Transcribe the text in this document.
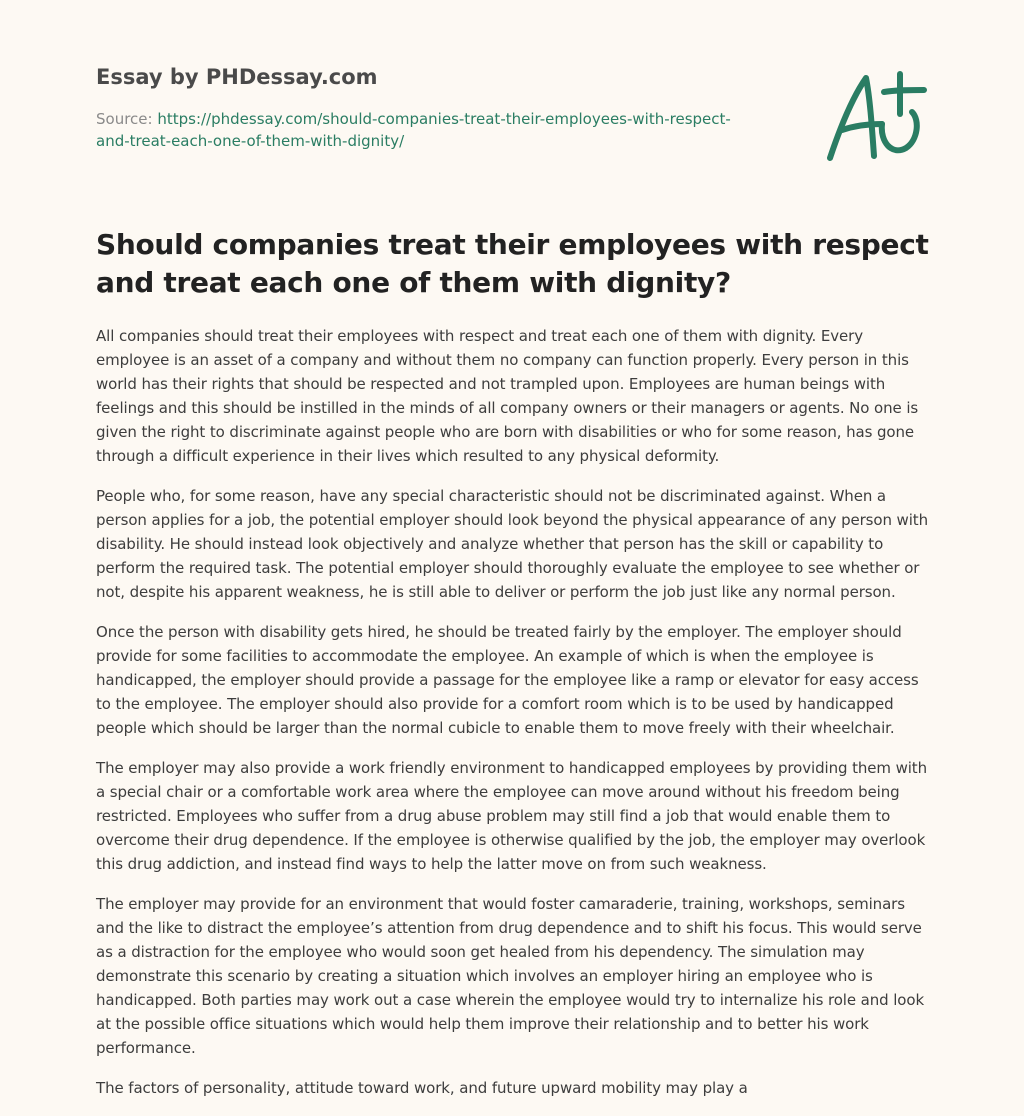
Essay by PHDessay.com
Source: https://phdessay.com/should-companies-treat-their-employees-with-respect-
and-treat-each-one-of-them-with-dignity/
Should companies treat their employees with respect and treat each one of them with dignity?

All companies should treat their employees with respect and treat each one of them with dignity. Every employee is an asset of a company and without them no company can function properly. Every person in this world has their rights that should be respected and not trampled upon. Employees are human beings with feelings and this should be instilled in the minds of all company owners or their managers or agents. No one is given the right to discriminate against people who are born with disabilities or who for some reason, has gone through a difficult experience in their lives which resulted to any physical deformity.

People who, for some reason, have any special characteristic should not be discriminated against. When a person applies for a job, the potential employer should look beyond the physical appearance of any person with disability. He should instead look objectively and analyze whether that person has the skill or capability to perform the required task. The potential employer should thoroughly evaluate the employee to see whether or not, despite his apparent weakness, he is still able to deliver or perform the job just like any normal person.

Once the person with disability gets hired, he should be treated fairly by the employer. The employer should provide for some facilities to accommodate the employee. An example of which is when the employee is handicapped, the employer should provide a passage for the employee like a ramp or elevator for easy access to the employee. The employer should also provide for a comfort room which is to be used by handicapped people which should be larger than the normal cubicle to enable them to move freely with their wheelchair.

The employer may also provide a work friendly environment to handicapped employees by providing them with a special chair or a comfortable work area where the employee can move around without his freedom being restricted. Employees who suffer from a drug abuse problem may still find a job that would enable them to overcome their drug dependence. If the employee is otherwise qualified by the job, the employer may overlook this drug addiction, and instead find ways to help the latter move on from such weakness.

The employer may provide for an environment that would foster camaraderie, training, workshops, seminars and the like to distract the employee’s attention from drug dependence and to shift his focus. This would serve as a distraction for the employee who would soon get healed from his dependency. The simulation may demonstrate this scenario by creating a situation which involves an employer hiring an employee who is handicapped. Both parties may work out a case wherein the employee would try to internalize his role and look at the possible office situations which would help them improve their relationship and to better his work performance.

The factors of personality, attitude toward work, and future upward mobility may play a
